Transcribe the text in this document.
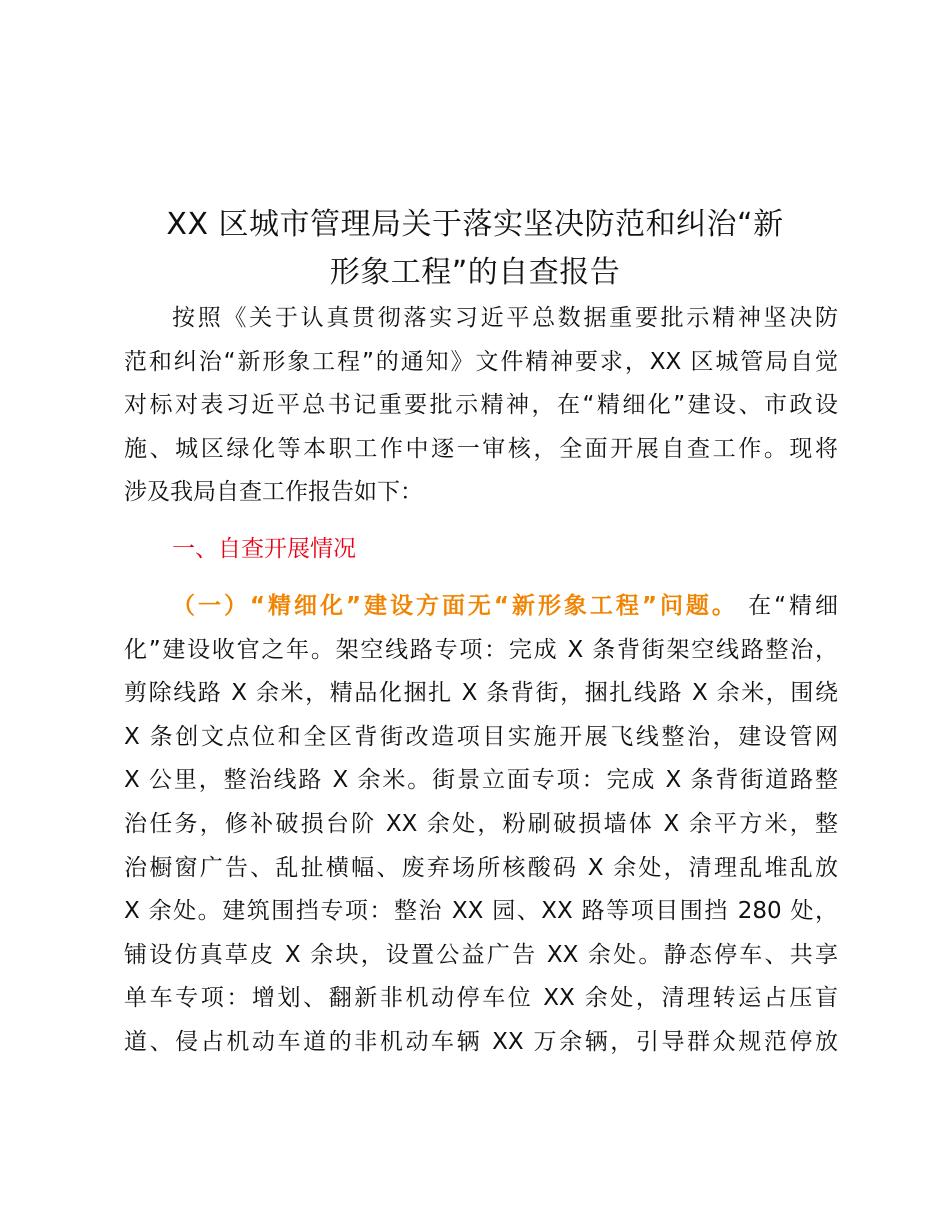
XX 区城市管理局关于落实坚决防范和纠治“新
形象工程”的自查报告
按照《关于认真贯彻落实习近平总数据重要批示精神坚决防
范和纠治“新形象工程”的通知》文件精神要求，XX 区城管局自觉
对标对表习近平总书记重要批示精神，在“精细化”建设、市政设
施、城区绿化等本职工作中逐一审核，全面开展自查工作。现将
涉及我局自查工作报告如下：
一、自查开展情况
（一）“精细化”建设方面无“新形象工程”问题。 在“精细
化”建设收官之年。架空线路专项：完成 X 条背街架空线路整治，
剪除线路 X 余米，精品化捆扎 X 条背街，捆扎线路 X 余米，围绕
X 条创文点位和全区背街改造项目实施开展飞线整治，建设管网
X 公里，整治线路 X 余米。街景立面专项：完成 X 条背街道路整
治任务，修补破损台阶 XX 余处，粉刷破损墙体 X 余平方米，整
治橱窗广告、乱扯横幅、废弃场所核酸码 X 余处，清理乱堆乱放
X 余处。建筑围挡专项：整治 XX 园、XX 路等项目围挡 280 处，
铺设仿真草皮 X 余块，设置公益广告 XX 余处。静态停车、共享
单车专项：增划、翻新非机动停车位 XX 余处，清理转运占压盲
道、侵占机动车道的非机动车辆 XX 万余辆，引导群众规范停放
